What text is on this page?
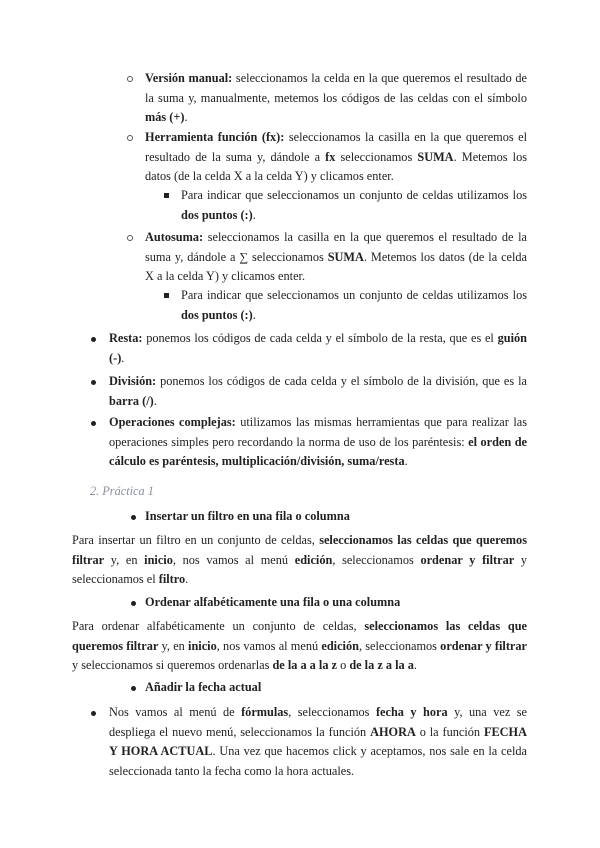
Versión manual: seleccionamos la celda en la que queremos el resultado de la suma y, manualmente, metemos los códigos de las celdas con el símbolo más (+).
Herramienta función (fx): seleccionamos la casilla en la que queremos el resultado de la suma y, dándole a fx seleccionamos SUMA. Metemos los datos (de la celda X a la celda Y) y clicamos enter.
Para indicar que seleccionamos un conjunto de celdas utilizamos los dos puntos (:).
Autosuma: seleccionamos la casilla en la que queremos el resultado de la suma y, dándole a ∑ seleccionamos SUMA. Metemos los datos (de la celda X a la celda Y) y clicamos enter.
Para indicar que seleccionamos un conjunto de celdas utilizamos los dos puntos (:).
Resta: ponemos los códigos de cada celda y el símbolo de la resta, que es el guión (-).
División: ponemos los códigos de cada celda y el símbolo de la división, que es la barra (/).
Operaciones complejas: utilizamos las mismas herramientas que para realizar las operaciones simples pero recordando la norma de uso de los paréntesis: el orden de cálculo es paréntesis, multiplicación/división, suma/resta.
2. Práctica 1
Insertar un filtro en una fila o columna
Para insertar un filtro en un conjunto de celdas, seleccionamos las celdas que queremos filtrar y, en inicio, nos vamos al menú edición, seleccionamos ordenar y filtrar y seleccionamos el filtro.
Ordenar alfabéticamente una fila o una columna
Para ordenar alfabéticamente un conjunto de celdas, seleccionamos las celdas que queremos filtrar y, en inicio, nos vamos al menú edición, seleccionamos ordenar y filtrar y seleccionamos si queremos ordenarlas de la a a la z o de la z a la a.
Añadir la fecha actual
Nos vamos al menú de fórmulas, seleccionamos fecha y hora y, una vez se despliega el nuevo menú, seleccionamos la función AHORA o la función FECHA Y HORA ACTUAL. Una vez que hacemos click y aceptamos, nos sale en la celda seleccionada tanto la fecha como la hora actuales.
